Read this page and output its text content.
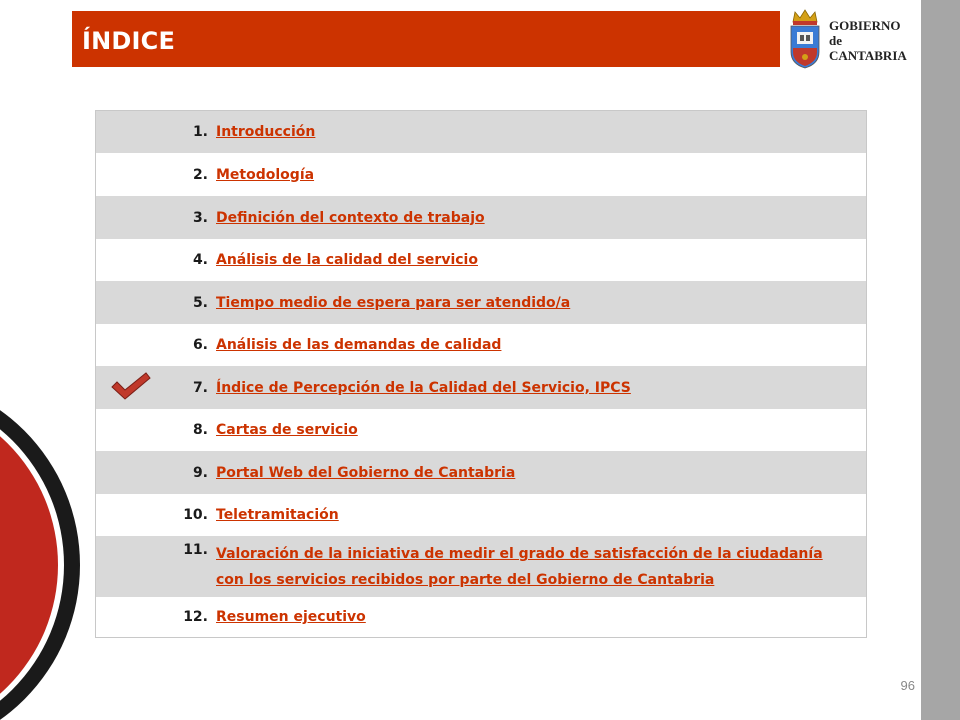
ÍNDICE
GOBIERNO
de
CANTABRIA
1. Introducción
2. Metodología
3. Definición del contexto de trabajo
4. Análisis de la calidad del servicio
5. Tiempo medio de espera para ser atendido/a
6. Análisis de las demandas de calidad
7. Índice de Percepción de la Calidad del Servicio, IPCS
8. Cartas de servicio
9. Portal Web del Gobierno de Cantabria
10. Teletramitación
11. Valoración de la iniciativa de medir el grado de satisfacción de la ciudadanía con los servicios recibidos por parte del Gobierno de Cantabria
12. Resumen ejecutivo
96
